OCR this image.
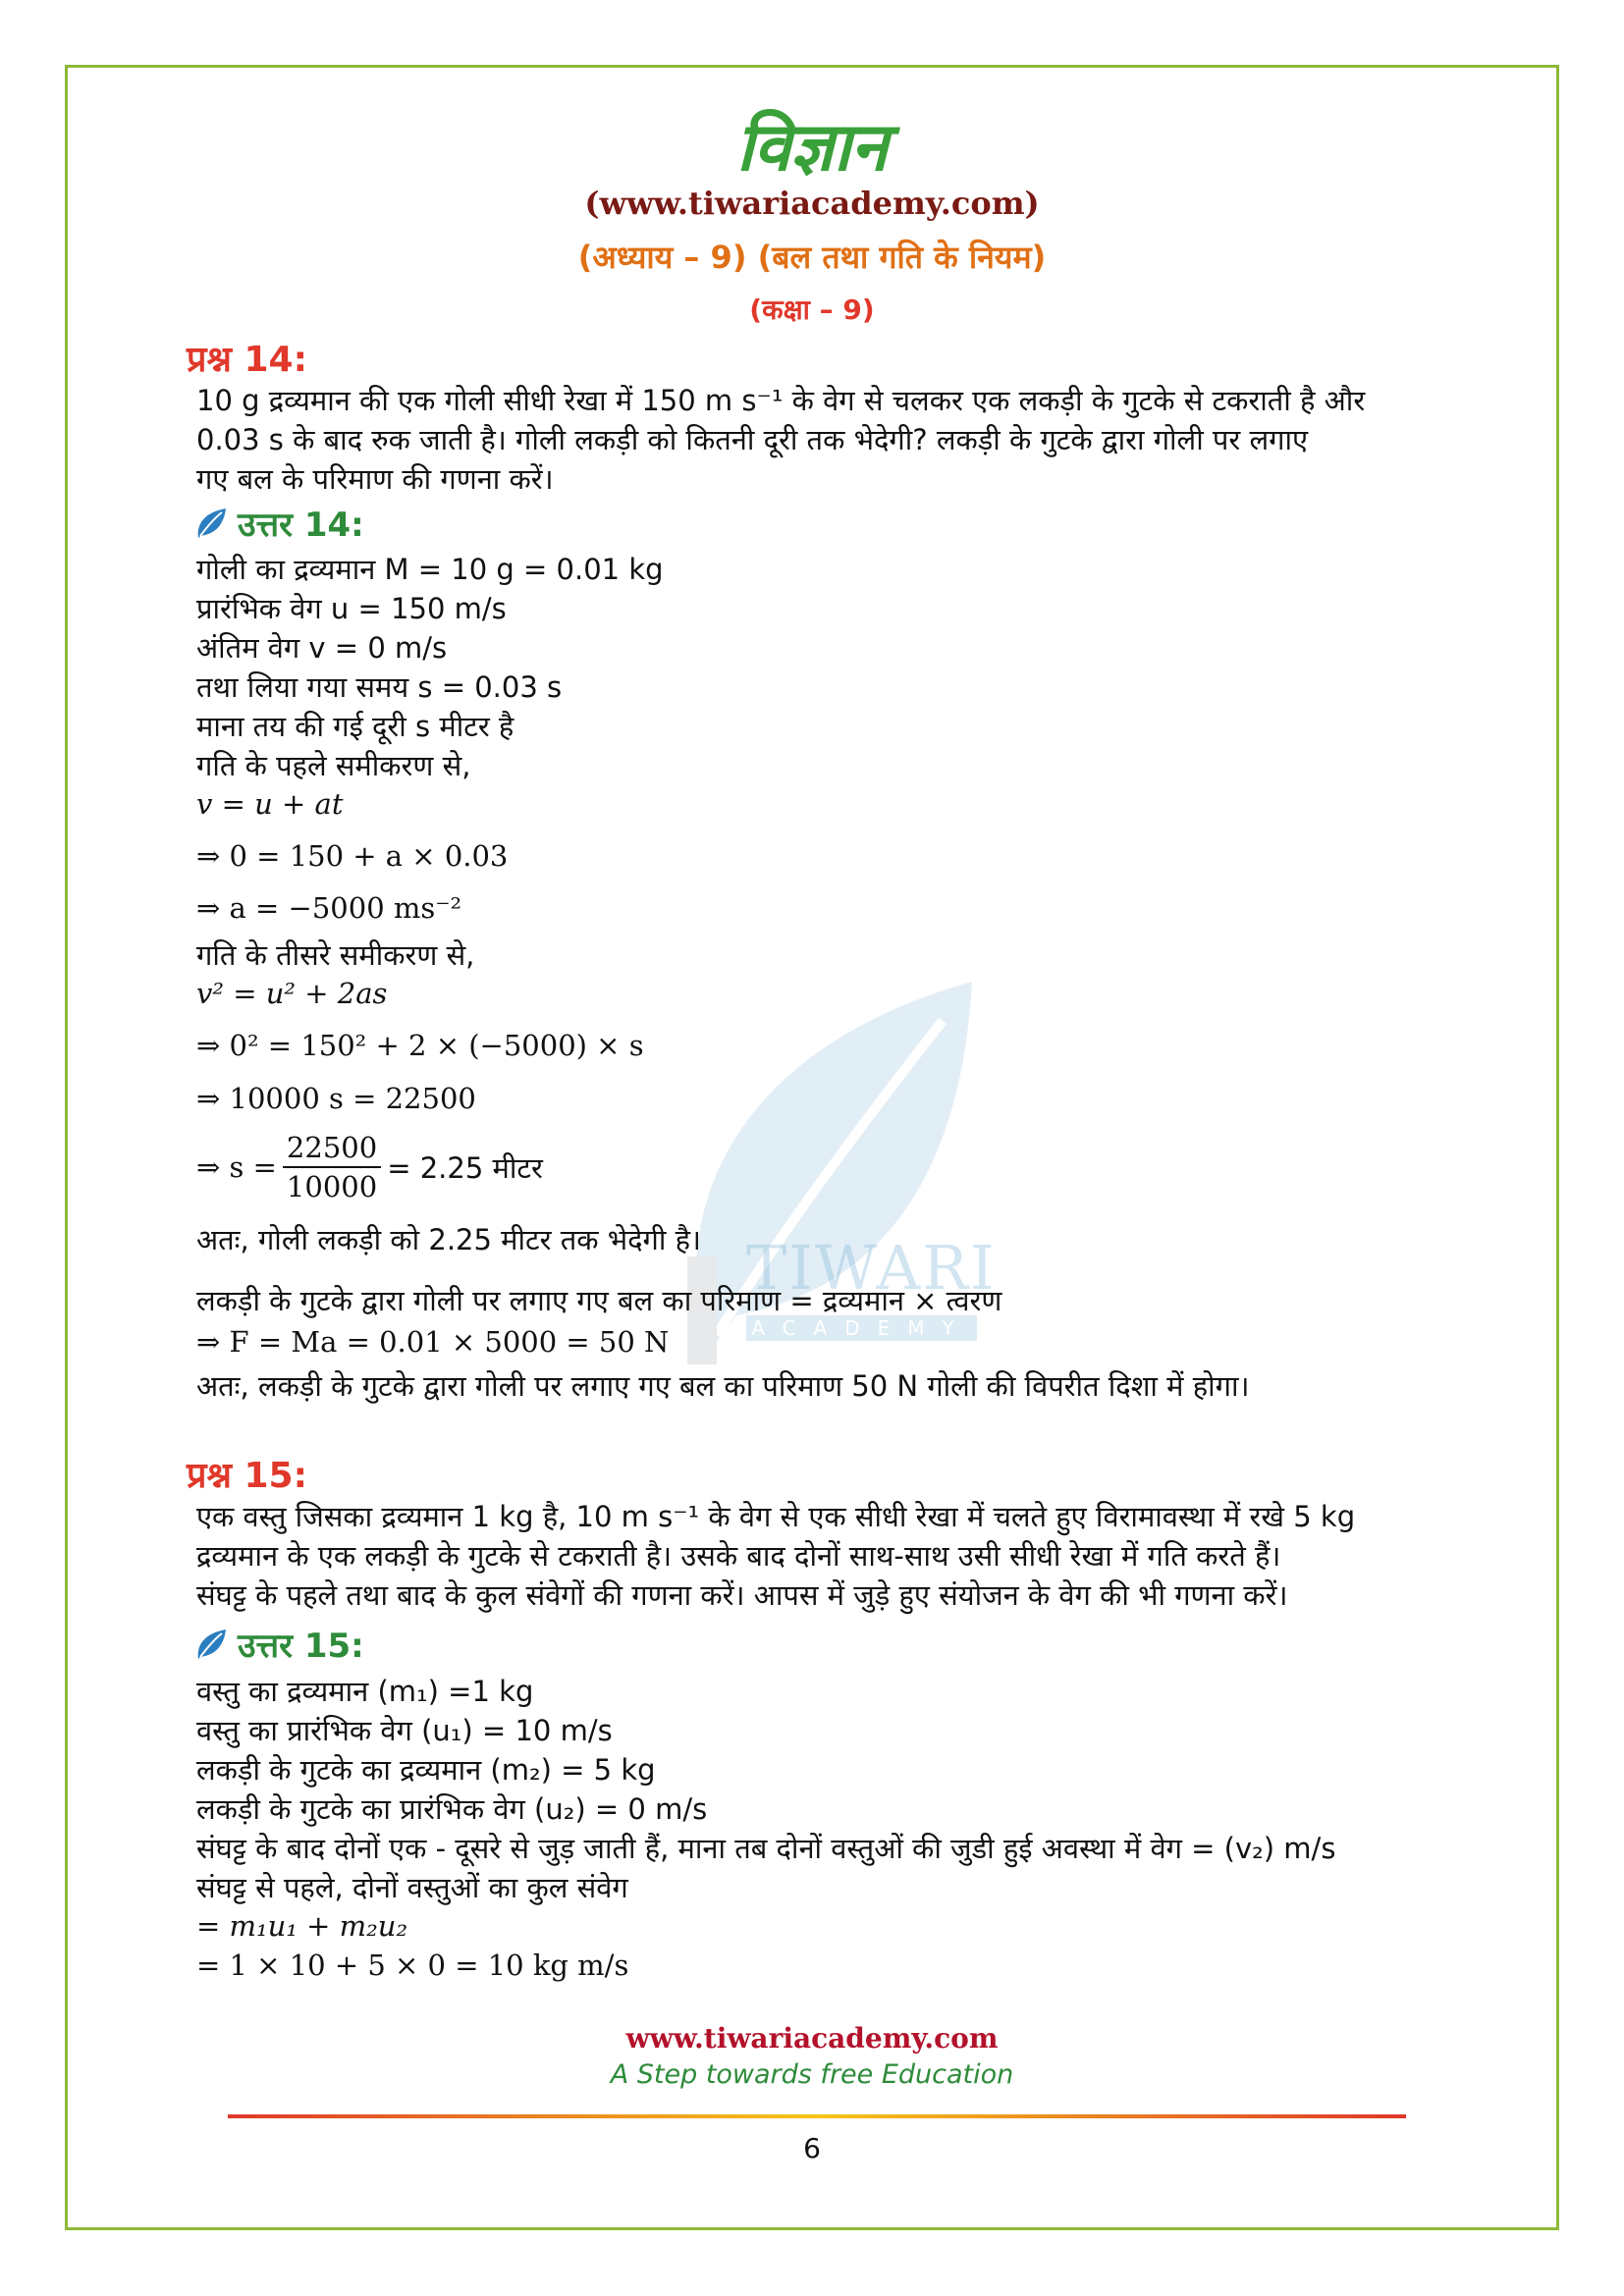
TIWARI
ACADEMY
विज्ञान
(www.tiwariacademy.com)
(अध्याय – 9) (बल तथा गति के नियम)
(कक्षा – 9)
प्रश्न 14:
10 g द्रव्यमान की एक गोली सीधी रेखा में 150 m s⁻¹ के वेग से चलकर एक लकड़ी के गुटके से टकराती है और
0.03 s के बाद रुक जाती है। गोली लकड़ी को कितनी दूरी तक भेदेगी? लकड़ी के गुटके द्वारा गोली पर लगाए
गए बल के परिमाण की गणना करें।
उत्तर 14:
गोली का द्रव्यमान M = 10 g = 0.01 kg
प्रारंभिक वेग u = 150 m/s
अंतिम वेग v = 0 m/s
तथा लिया गया समय s = 0.03 s
माना तय की गई दूरी s मीटर है
गति के पहले समीकरण से,
v = u + at
⇒ 0 = 150 + a × 0.03
⇒ a = −5000 ms⁻²
गति के तीसरे समीकरण से,
v² = u² + 2as
⇒ 0² = 150² + 2 × (−5000) × s
⇒ 10000 s = 22500
⇒ $s = \frac{22500}{10000} = 2.25$ मीटर
अतः, गोली लकड़ी को 2.25 मीटर तक भेदेगी है।
लकड़ी के गुटके द्वारा गोली पर लगाए गए बल का परिमाण = द्रव्यमान × त्वरण
⇒ F = Ma = 0.01 × 5000 = 50 N
अतः, लकड़ी के गुटके द्वारा गोली पर लगाए गए बल का परिमाण 50 N गोली की विपरीत दिशा में होगा।
प्रश्न 15:
एक वस्तु जिसका द्रव्यमान 1 kg है, 10 m s⁻¹ के वेग से एक सीधी रेखा में चलते हुए विरामावस्था में रखे 5 kg
द्रव्यमान के एक लकड़ी के गुटके से टकराती है। उसके बाद दोनों साथ-साथ उसी सीधी रेखा में गति करते हैं।
संघट्ट के पहले तथा बाद के कुल संवेगों की गणना करें। आपस में जुड़े हुए संयोजन के वेग की भी गणना करें।
उत्तर 15:
वस्तु का द्रव्यमान (m₁) =1 kg
वस्तु का प्रारंभिक वेग (u₁) = 10 m/s
लकड़ी के गुटके का द्रव्यमान (m₂) = 5 kg
लकड़ी के गुटके का प्रारंभिक वेग (u₂) = 0 m/s
संघट्ट के बाद दोनों एक - दूसरे से जुड़ जाती हैं, माना तब दोनों वस्तुओं की जुडी हुई अवस्था में वेग = (v₂) m/s
संघट्ट से पहले, दोनों वस्तुओं का कुल संवेग
= m₁u₁ + m₂u₂
= 1 × 10 + 5 × 0 = 10 kg m/s
www.tiwariacademy.com
A Step towards free Education
6
